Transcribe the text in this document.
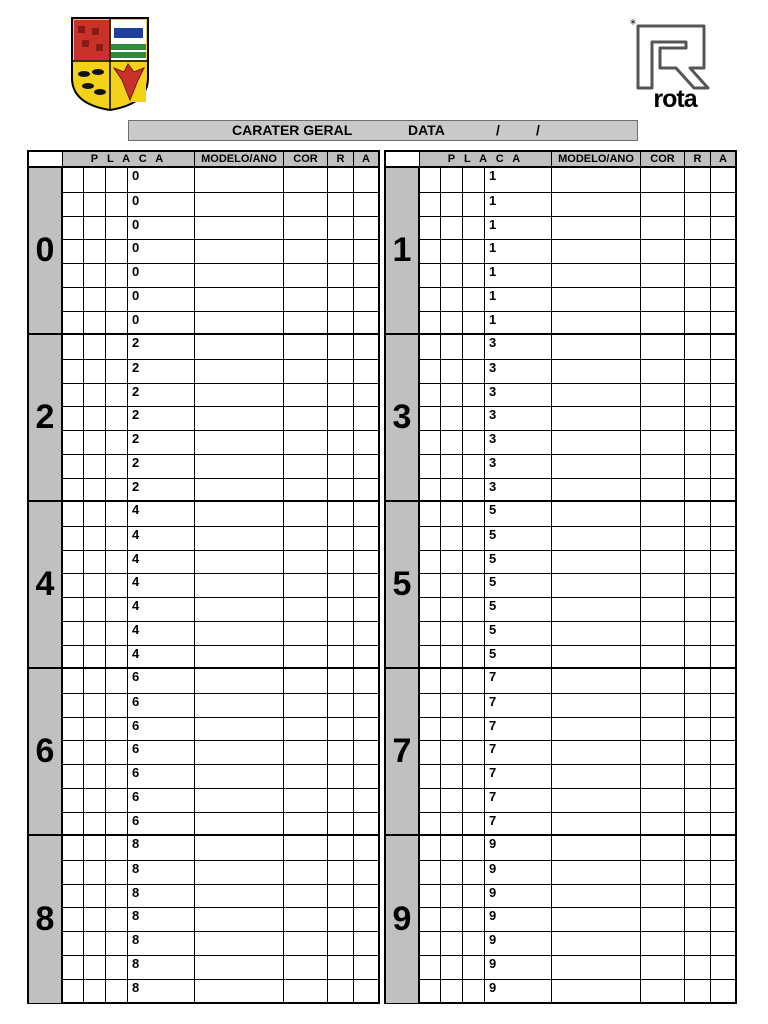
*
rota
CARATER GERAL	DATA	/	/
P L A C A	MODELO/ANO	COR	R	A
0
0
0
0
0
0
0
0
2
2
2
2
2
2
2
2
4
4
4
4
4
4
4
4
6
6
6
6
6
6
6
6
8
8
8
8
8
8
8
8
P L A C A	MODELO/ANO	COR	R	A
1
1
1
1
1
1
1
1
3
3
3
3
3
3
3
3
5
5
5
5
5
5
5
5
7
7
7
7
7
7
7
7
9
9
9
9
9
9
9
9
